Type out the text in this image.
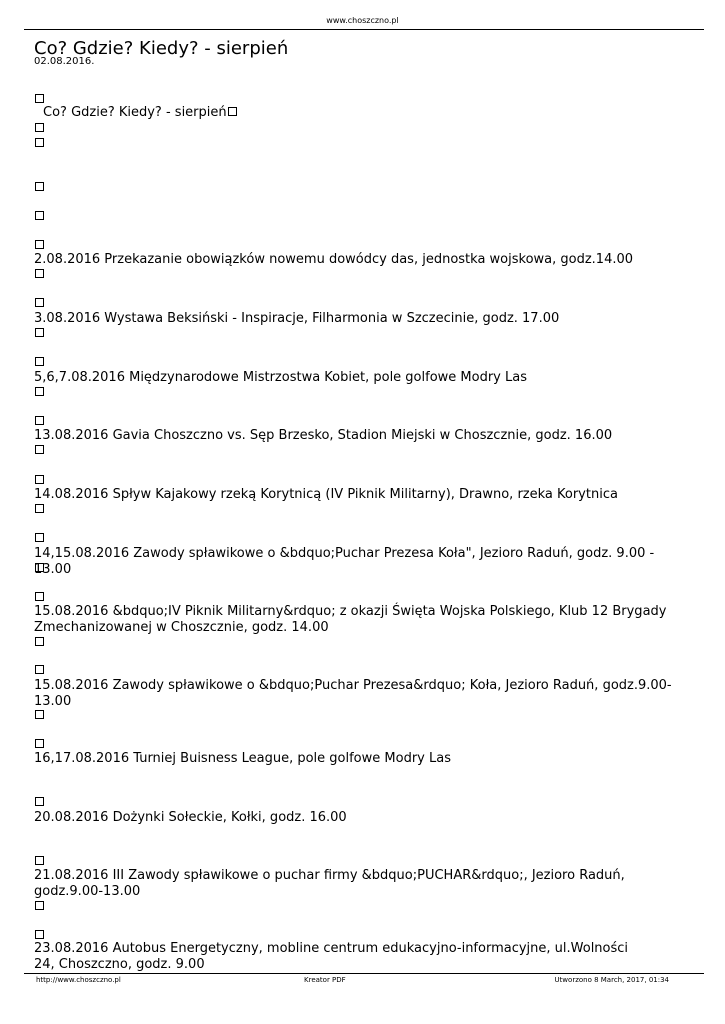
www.choszczno.pl
Co? Gdzie? Kiedy? - sierpień
02.08.2016.
Co? Gdzie? Kiedy? - sierpień
2.08.2016 Przekazanie obowiązków nowemu dowódcy das, jednostka wojskowa, godz.14.00
3.08.2016 Wystawa Beksiński - Inspiracje, Filharmonia w Szczecinie, godz. 17.00
5,6,7.08.2016 Międzynarodowe Mistrzostwa Kobiet, pole golfowe Modry Las
13.08.2016 Gavia Choszczno vs. Sęp Brzesko, Stadion Miejski w Choszcznie, godz. 16.00
14.08.2016 Spływ Kajakowy rzeką Korytnicą (IV Piknik Militarny), Drawno, rzeka Korytnica
14,15.08.2016 Zawody spławikowe o &bdquo;Puchar Prezesa Koła", Jezioro Raduń, godz. 9.00 - 13.00
15.08.2016 &bdquo;IV Piknik Militarny&rdquo; z okazji Święta Wojska Polskiego, Klub 12 Brygady Zmechanizowanej w Choszcznie, godz. 14.00
15.08.2016 Zawody spławikowe o &bdquo;Puchar Prezesa&rdquo; Koła, Jezioro Raduń, godz.9.00-13.00
16,17.08.2016 Turniej Buisness League, pole golfowe Modry Las
20.08.2016 Dożynki Sołeckie, Kołki, godz. 16.00
21.08.2016 III Zawody spławikowe o puchar firmy &bdquo;PUCHAR&rdquo;, Jezioro Raduń, godz.9.00-13.00
23.08.2016 Autobus Energetyczny, mobline centrum edukacyjno-informacyjne, ul.Wolności 24, Choszczno, godz. 9.00
http://www.choszczno.pl	Kreator PDF	Utworzono 8 March, 2017, 01:34
